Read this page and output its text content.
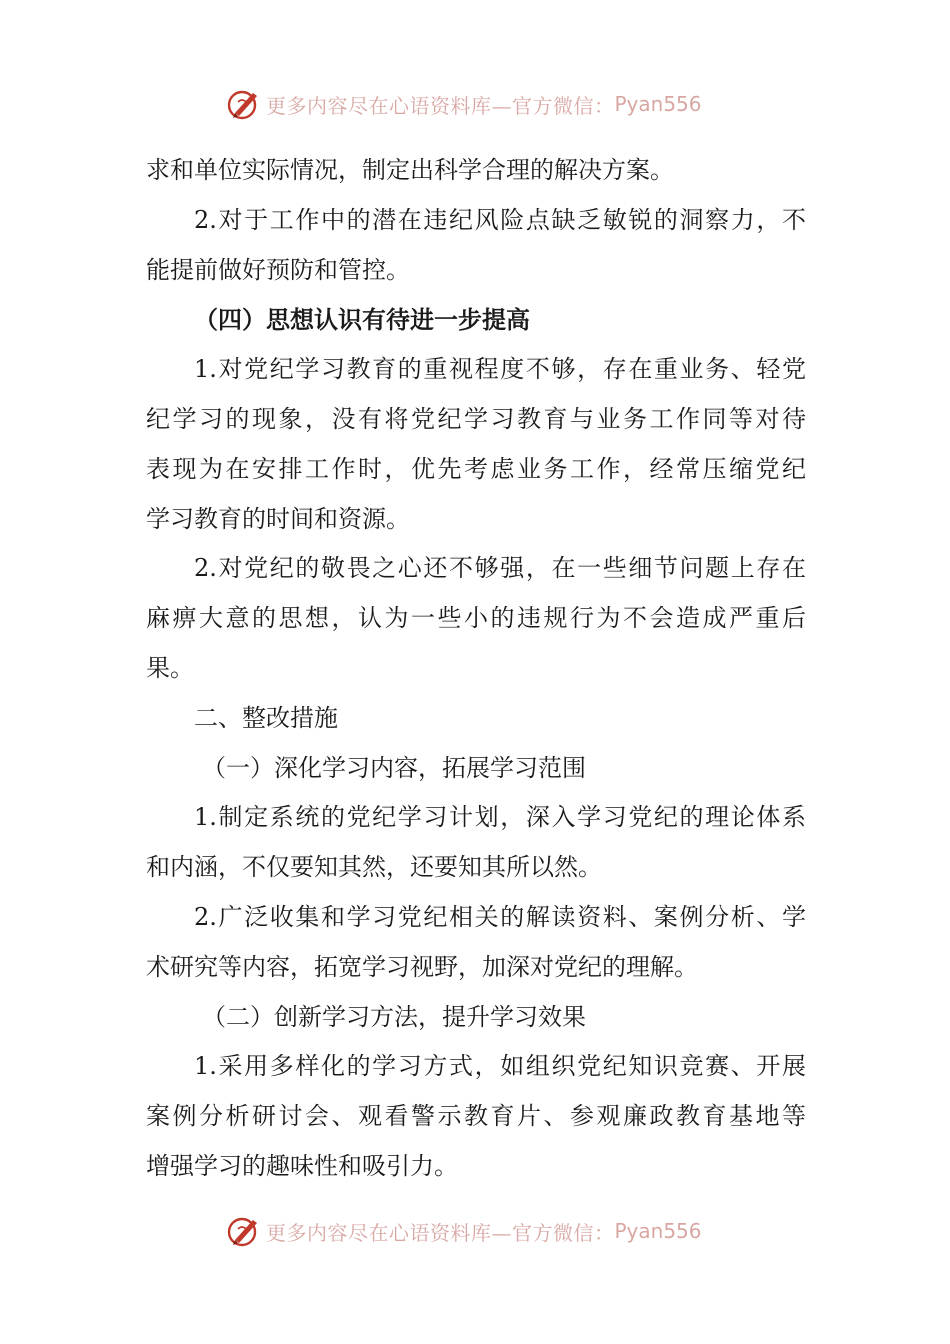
更多内容尽在心语资料库—官方微信： Pyan556
求和单位实际情况，制定出科学合理的解决方案。
2.对于工作中的潜在违纪风险点缺乏敏锐的洞察力，不
能提前做好预防和管控。
（四）思想认识有待进一步提高
1.对党纪学习教育的重视程度不够，存在重业务、轻党
纪学习的现象，没有将党纪学习教育与业务工作同等对待
表现为在安排工作时，优先考虑业务工作，经常压缩党纪
学习教育的时间和资源。
2.对党纪的敬畏之心还不够强，在一些细节问题上存在
麻痹大意的思想，认为一些小的违规行为不会造成严重后
果。
二、整改措施
（一）深化学习内容，拓展学习范围
1.制定系统的党纪学习计划，深入学习党纪的理论体系
和内涵，不仅要知其然，还要知其所以然。
2.广泛收集和学习党纪相关的解读资料、案例分析、学
术研究等内容，拓宽学习视野，加深对党纪的理解。
（二）创新学习方法，提升学习效果
1.采用多样化的学习方式，如组织党纪知识竞赛、开展
案例分析研讨会、观看警示教育片、参观廉政教育基地等
增强学习的趣味性和吸引力。
更多内容尽在心语资料库—官方微信： Pyan556
